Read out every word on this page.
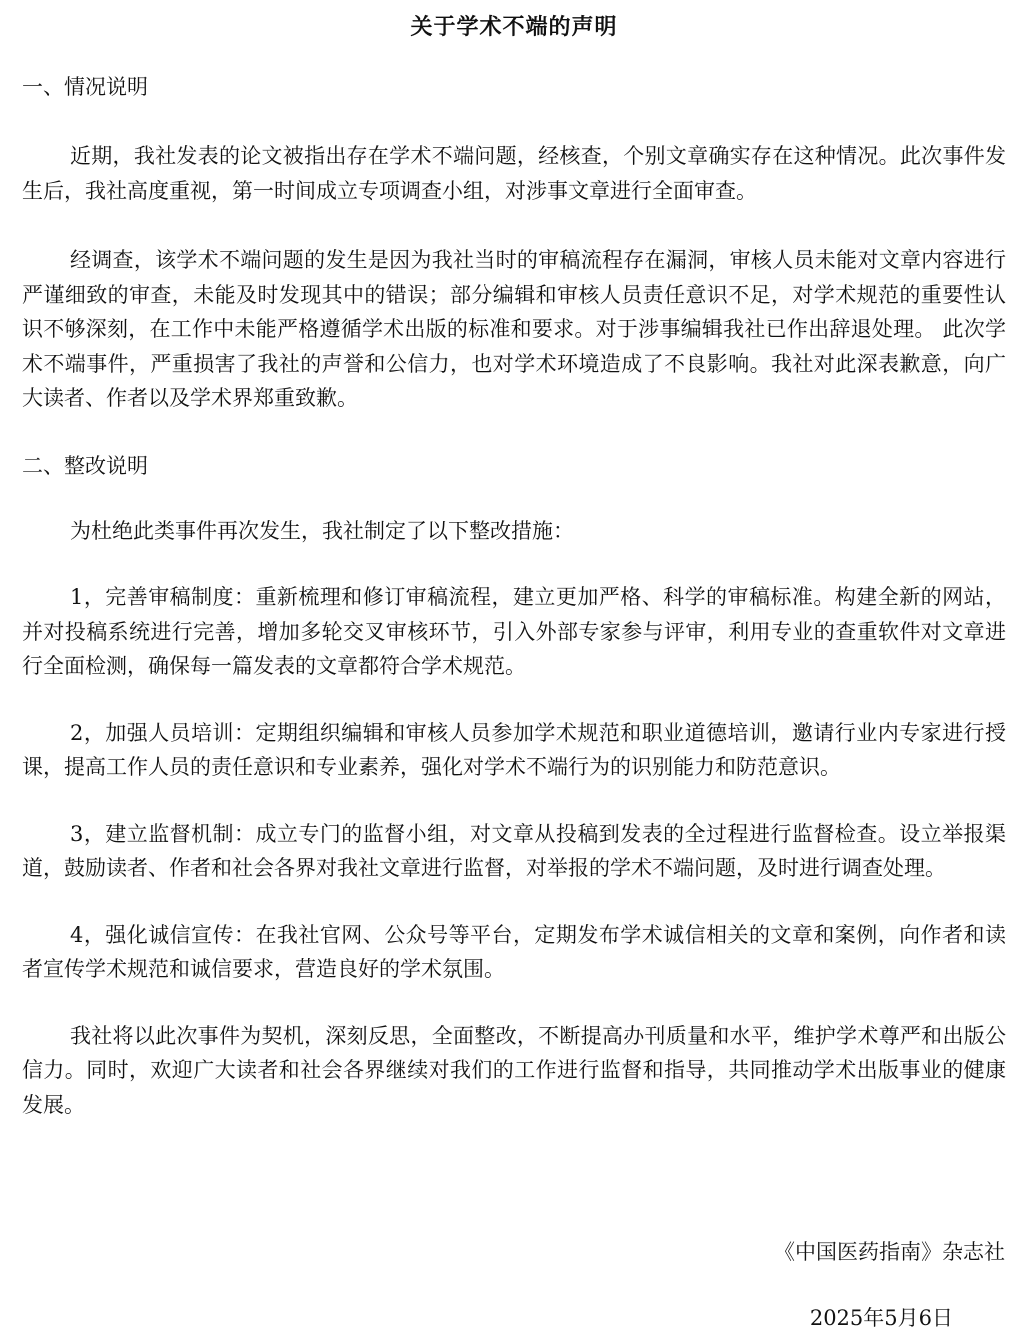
关于学术不端的声明

一、情况说明

近期，我社发表的论文被指出存在学术不端问题，经核查，个别文章确实存在这种情况。此次事件发生后，我社高度重视，第一时间成立专项调查小组，对涉事文章进行全面审查。

经调查，该学术不端问题的发生是因为我社当时的审稿流程存在漏洞，审核人员未能对文章内容进行严谨细致的审查，未能及时发现其中的错误；部分编辑和审核人员责任意识不足，对学术规范的重要性认识不够深刻，在工作中未能严格遵循学术出版的标准和要求。对于涉事编辑我社已作出辞退处理。 此次学术不端事件，严重损害了我社的声誉和公信力，也对学术环境造成了不良影响。我社对此深表歉意，向广大读者、作者以及学术界郑重致歉。

二、整改说明

为杜绝此类事件再次发生，我社制定了以下整改措施：

1，完善审稿制度：重新梳理和修订审稿流程，建立更加严格、科学的审稿标准。构建全新的网站，并对投稿系统进行完善，增加多轮交叉审核环节，引入外部专家参与评审，利用专业的查重软件对文章进行全面检测，确保每一篇发表的文章都符合学术规范。

2，加强人员培训：定期组织编辑和审核人员参加学术规范和职业道德培训，邀请行业内专家进行授课，提高工作人员的责任意识和专业素养，强化对学术不端行为的识别能力和防范意识。

3，建立监督机制：成立专门的监督小组，对文章从投稿到发表的全过程进行监督检查。设立举报渠道，鼓励读者、作者和社会各界对我社文章进行监督，对举报的学术不端问题，及时进行调查处理。

4，强化诚信宣传：在我社官网、公众号等平台，定期发布学术诚信相关的文章和案例，向作者和读者宣传学术规范和诚信要求，营造良好的学术氛围。

我社将以此次事件为契机，深刻反思，全面整改，不断提高办刊质量和水平，维护学术尊严和出版公信力。同时，欢迎广大读者和社会各界继续对我们的工作进行监督和指导，共同推动学术出版事业的健康发展。

《中国医药指南》杂志社
2025年5月6日
